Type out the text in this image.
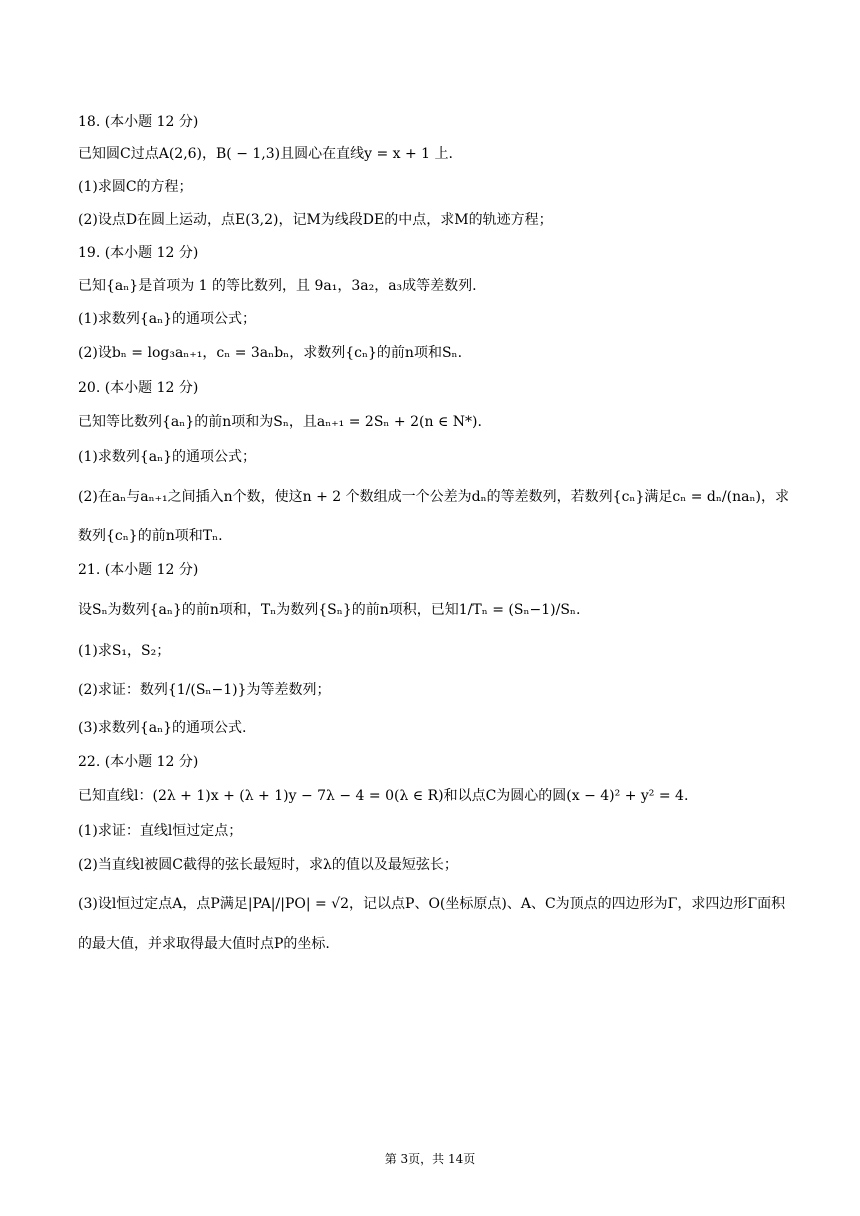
18. (本小题 12 分)
已知圆C过点A(2,6)，B( − 1,3)且圆心在直线y = x + 1 上.
(1)求圆C的方程；
(2)设点D在圆上运动，点E(3,2)，记M为线段DE的中点，求M的轨迹方程；
19. (本小题 12 分)
已知{aₙ}是首项为 1 的等比数列，且 9a₁，3a₂，a₃成等差数列.
(1)求数列{aₙ}的通项公式；
(2)设bₙ = log₃aₙ₊₁，cₙ = 3aₙbₙ，求数列{cₙ}的前n项和Sₙ.
20. (本小题 12 分)
已知等比数列{aₙ}的前n项和为Sₙ，且aₙ₊₁ = 2Sₙ + 2(n ∈ N*).
(1)求数列{aₙ}的通项公式；
(2)在aₙ与aₙ₊₁之间插入n个数，使这n + 2 个数组成一个公差为dₙ的等差数列，若数列{cₙ}满足cₙ = dₙ/(naₙ)，求
数列{cₙ}的前n项和Tₙ.
21. (本小题 12 分)
设Sₙ为数列{aₙ}的前n项和，Tₙ为数列{Sₙ}的前n项积，已知1/Tₙ = (Sₙ−1)/Sₙ.
(1)求S₁，S₂；
(2)求证：数列{1/(Sₙ−1)}为等差数列；
(3)求数列{aₙ}的通项公式.
22. (本小题 12 分)
已知直线l：(2λ + 1)x + (λ + 1)y − 7λ − 4 = 0(λ ∈ R)和以点C为圆心的圆(x − 4)² + y² = 4.
(1)求证：直线l恒过定点；
(2)当直线l被圆C截得的弦长最短时，求λ的值以及最短弦长；
(3)设l恒过定点A，点P满足|PA|/|PO| = √2，记以点P、O(坐标原点)、A、C为顶点的四边形为Γ，求四边形Γ面积
的最大值，并求取得最大值时点P的坐标.
第 3页，共 14页
